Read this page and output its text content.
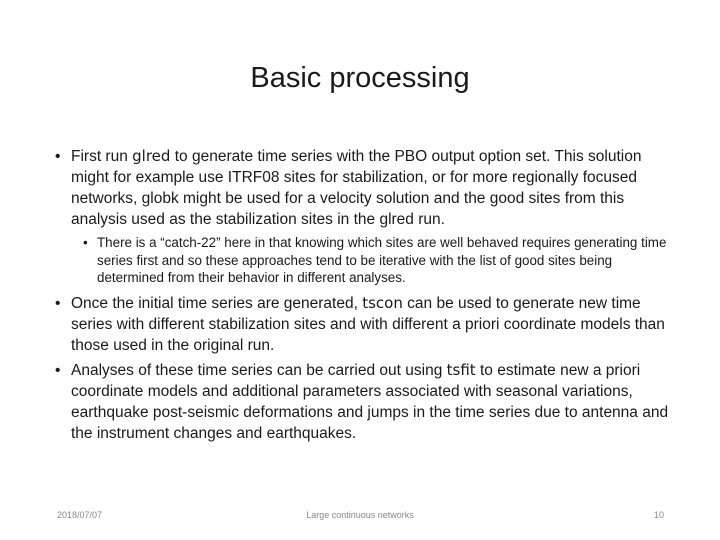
Basic processing
• First run glred to generate time series with the PBO output option set. This solution might for example use ITRF08 sites for stabilization, or for more regionally focused networks, globk might be used for a velocity solution and the good sites from this analysis used as the stabilization sites in the glred run.
• There is a “catch-22” here in that knowing which sites are well behaved requires generating time series first and so these approaches tend to be iterative with the list of good sites being determined from their behavior in different analyses.
• Once the initial time series are generated, tscon can be used to generate new time series with different stabilization sites and with different a priori coordinate models than those used in the original run.
• Analyses of these time series can be carried out using tsfit to estimate new a priori coordinate models and additional parameters associated with seasonal variations, earthquake post-seismic deformations and jumps in the time series due to antenna and the instrument changes and earthquakes.
2018/07/07	Large continuous networks	10
